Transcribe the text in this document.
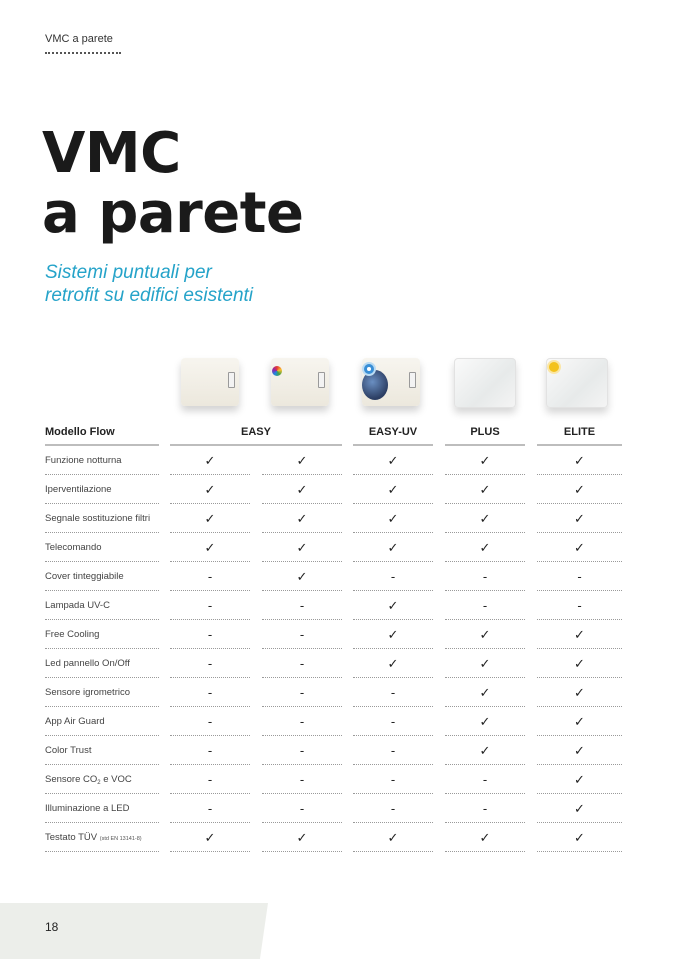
VMC a parete
VMC
a parete
Sistemi puntuali per
retrofit su edifici esistenti
Modello Flow	EASY	EASY-UV	PLUS	ELITE
Funzione notturna	✓	✓	✓	✓	✓
Iperventilazione	✓	✓	✓	✓	✓
Segnale sostituzione filtri	✓	✓	✓	✓	✓
Telecomando	✓	✓	✓	✓	✓
Cover tinteggiabile	-	✓	-	-	-
Lampada UV-C	-	-	✓	-	-
Free Cooling	-	-	✓	✓	✓
Led pannello On/Off	-	-	✓	✓	✓
Sensore igrometrico	-	-	-	✓	✓
App Air Guard	-	-	-	✓	✓
Color Trust	-	-	-	✓	✓
Sensore $CO_2$ e VOC	-	-	-	-	✓
Illuminazione a LED	-	-	-	-	✓
Testato TÜV (std EN 13141-8)	✓	✓	✓	✓	✓
18
